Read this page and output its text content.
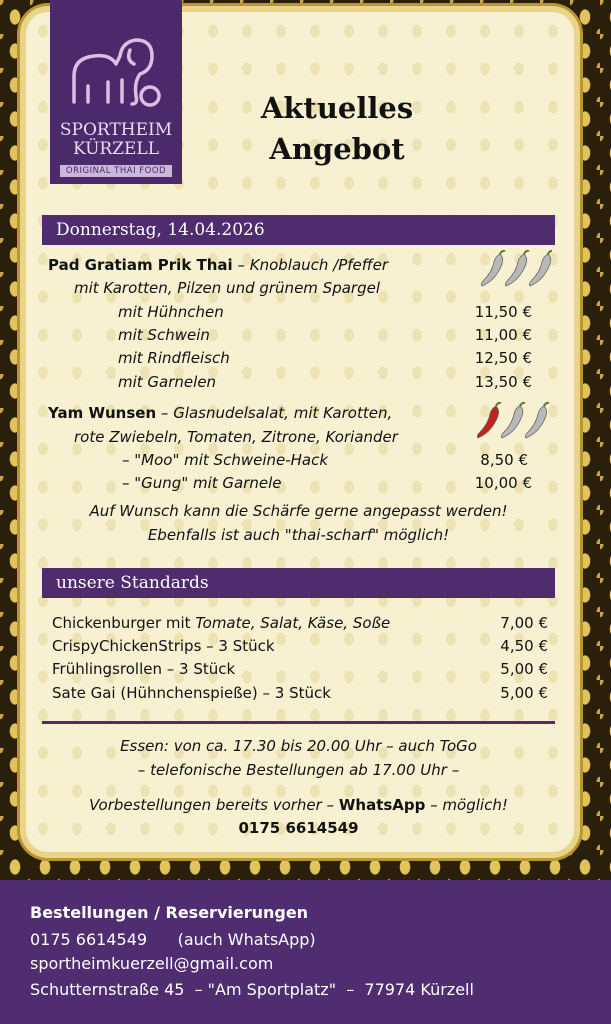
SPORTHEIM
KÜRZELL
ORIGINAL THAI FOOD
Aktuelles
Angebot
Donnerstag, 14.04.2026
Pad Gratiam Prik Thai – Knoblauch /Pfeffer
mit Karotten, Pilzen und grünem Spargel
mit Hühnchen	11,50 €
mit Schwein	11,00 €
mit Rindfleisch	12,50 €
mit Garnelen	13,50 €
Yam Wunsen – Glasnudelsalat, mit Karotten,
rote Zwiebeln, Tomaten, Zitrone, Koriander
– "Moo" mit Schweine-Hack	8,50 €
– "Gung" mit Garnele	10,00 €
Auf Wunsch kann die Schärfe gerne angepasst werden!
Ebenfalls ist auch "thai-scharf" möglich!
unsere Standards
Chickenburger mit Tomate, Salat, Käse, Soße	7,00 €
CrispyChickenStrips – 3 Stück	4,50 €
Frühlingsrollen – 3 Stück	5,00 €
Sate Gai (Hühnchenspieße) – 3 Stück	5,00 €
Essen: von ca. 17.30 bis 20.00 Uhr – auch ToGo
– telefonische Bestellungen ab 17.00 Uhr –
Vorbestellungen bereits vorher – WhatsApp – möglich!
0175 6614549
Bestellungen / Reservierungen
0175 6614549      (auch WhatsApp)
sportheimkuerzell@gmail.com
Schutternstraße 45  – "Am Sportplatz"  –  77974 Kürzell
